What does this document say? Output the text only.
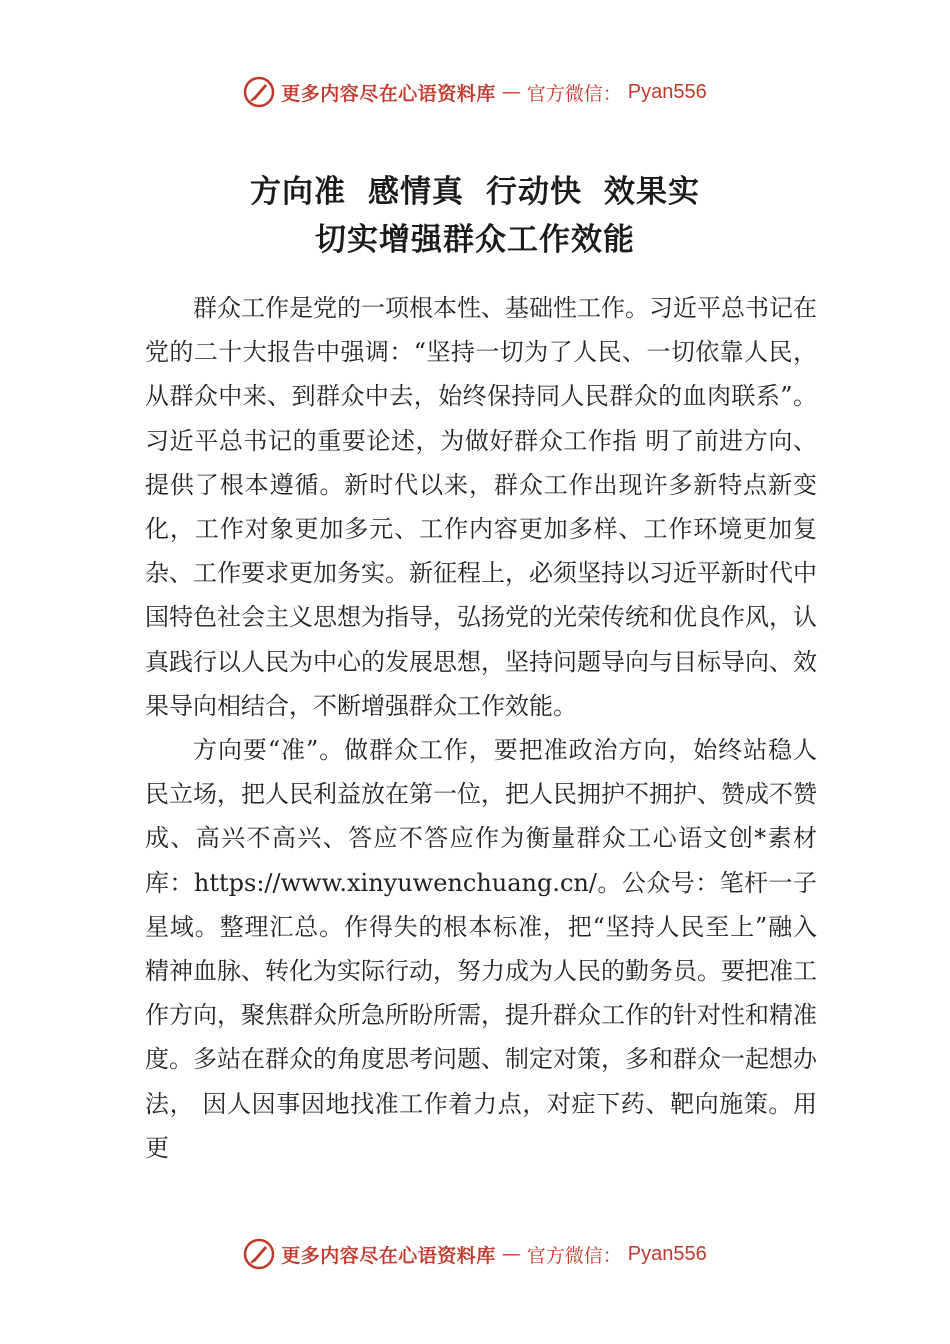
更多内容尽在心语资料库 — 官方微信： Pyan556
方向准 感情真 行动快 效果实
切实增强群众工作效能

群众工作是党的一项根本性、基础性工作。习近平总书记在党的二十大报告中强调：“坚持一切为了人民、一切依靠人民，从群众中来、到群众中去，始终保持同人民群众的血肉联系”。习近平总书记的重要论述，为做好群众工作指 明了前进方向、提供了根本遵循。新时代以来，群众工作出现许多新特点新变化，工作对象更加多元、工作内容更加多样、工作环境更加复杂、工作要求更加务实。新征程上，必须坚持以习近平新时代中国特色社会主义思想为指导，弘扬党的光荣传统和优良作风，认真践行以人民为中心的发展思想，坚持问题导向与目标导向、效果导向相结合，不断增强群众工作效能。

方向要“准”。做群众工作，要把准政治方向，始终站稳人民立场，把人民利益放在第一位，把人民拥护不拥护、赞成不赞成、高兴不高兴、答应不答应作为衡量群众工心语文创*素材库：https://www.xinyuwenchuang.cn/。公众号：笔杆一子星域。整理汇总。作得失的根本标准，把“坚持人民至上”融入精神血脉、转化为实际行动，努力成为人民的勤务员。要把准工作方向，聚焦群众所急所盼所需，提升群众工作的针对性和精准度。多站在群众的角度思考问题、制定对策，多和群众一起想办法， 因人因事因地找准工作着力点，对症下药、靶向施策。用更

更多内容尽在心语资料库 — 官方微信： Pyan556
